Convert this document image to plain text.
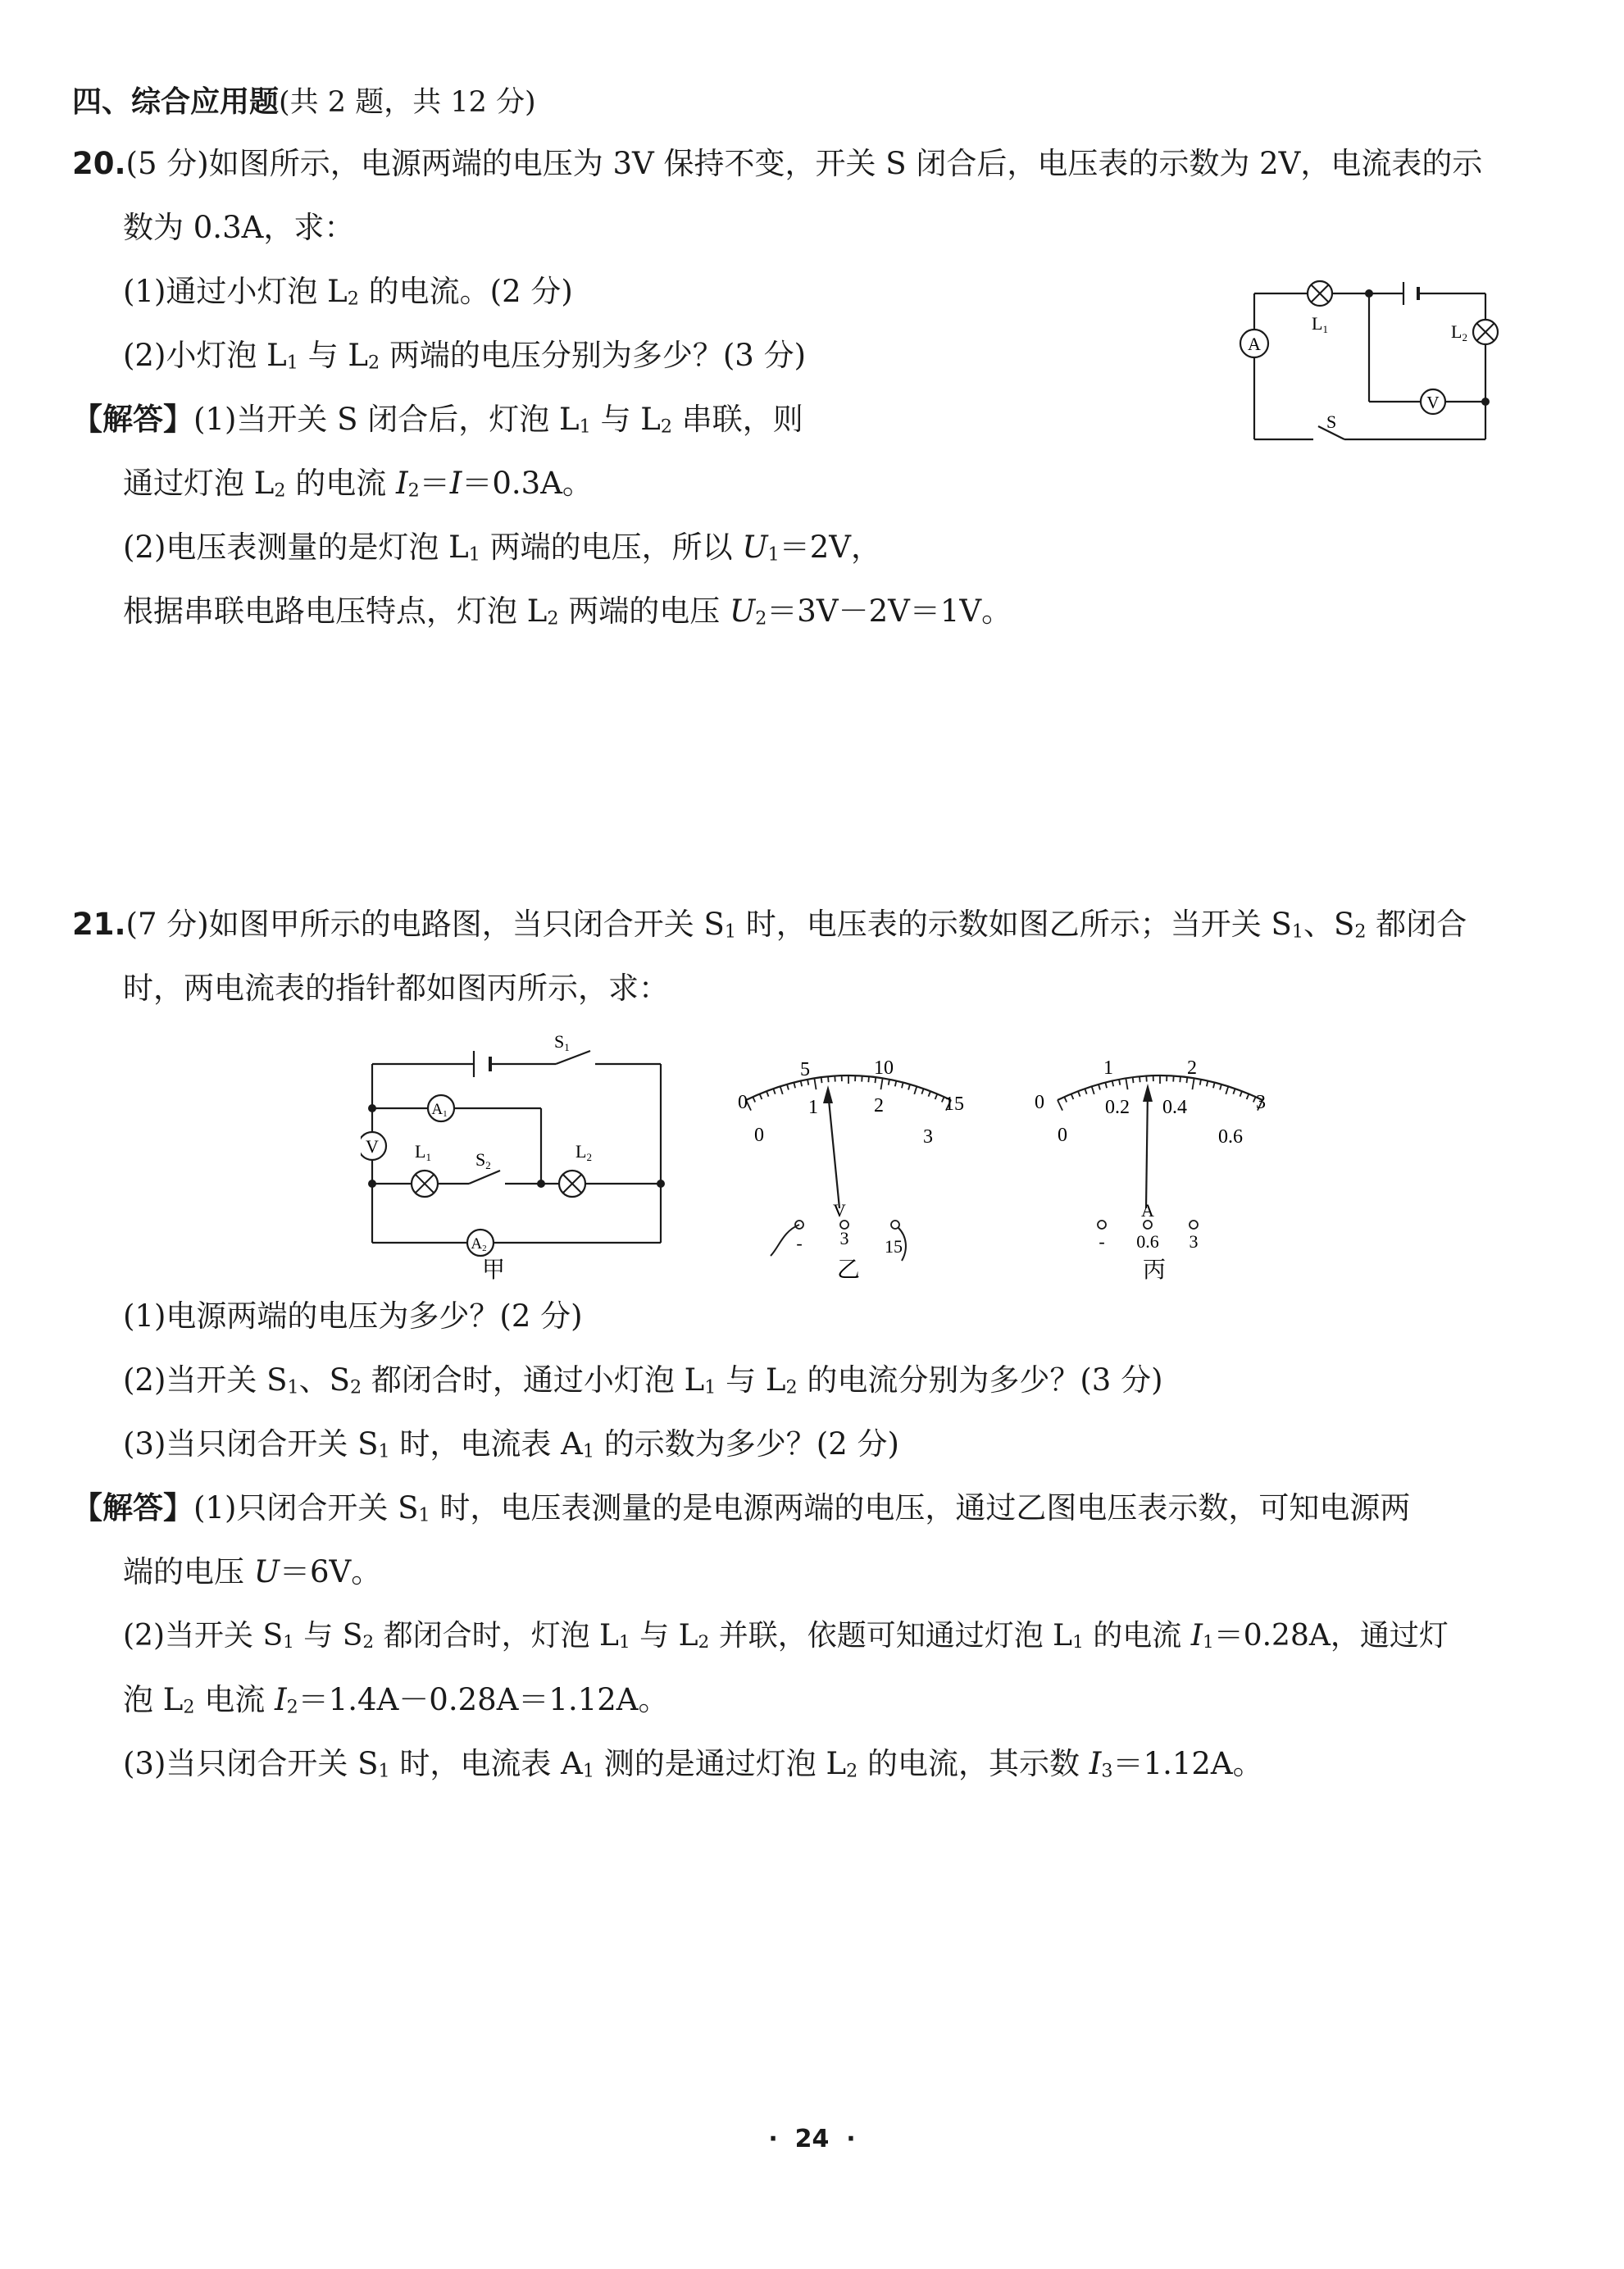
四、综合应用题(共 2 题，共 12 分)
20.(5 分)如图所示，电源两端的电压为 3V 保持不变，开关 S 闭合后，电压表的示数为 2V，电流表的示
数为 0.3A，求：
(1)通过小灯泡 $L_2$ 的电流。(2 分)
(2)小灯泡 $L_1$ 与 $L_2$ 两端的电压分别为多少？(3 分)
【解答】(1)当开关 S 闭合后，灯泡 $L_1$ 与 $L_2$ 串联，则
通过灯泡 $L_2$ 的电流 $I_2=I=0.3A$。
(2)电压表测量的是灯泡 $L_1$ 两端的电压，所以 $U_1=2V$，
根据串联电路电压特点，灯泡 $L_2$ 两端的电压 $U_2=3V-2V=1V$。
L1	L2
A
V
S
21.(7 分)如图甲所示的电路图，当只闭合开关 $S_1$ 时，电压表的示数如图乙所示；当开关 $S_1$、$S_2$ 都闭合
时，两电流表的指针都如图丙所示，求：
V
A1
A2
L1	L2
S2
S1
甲
0
5	10
15
0
1	2
3
V
- 3 15
乙
0
1	2
3
0
0.2 0.4
0.6
A
- 0.6 3
丙
(1)电源两端的电压为多少？(2 分)
(2)当开关 $S_1$、$S_2$ 都闭合时，通过小灯泡 $L_1$ 与 $L_2$ 的电流分别为多少？(3 分)
(3)当只闭合开关 $S_1$ 时，电流表 $A_1$ 的示数为多少？(2 分)
【解答】(1)只闭合开关 $S_1$ 时，电压表测量的是电源两端的电压，通过乙图电压表示数，可知电源两
端的电压 U＝6V。
(2)当开关 $S_1$ 与 $S_2$ 都闭合时，灯泡 $L_1$ 与 $L_2$ 并联，依题可知通过灯泡 $L_1$ 的电流 $I_1=0.28A$，通过灯
泡 $L_2$ 电流 $I_2=1.4A-0.28A=1.12A$。
(3)当只闭合开关 $S_1$ 时，电流表 $A_1$ 测的是通过灯泡 $L_2$ 的电流，其示数 $I_3=1.12A$。
·  24  ·
